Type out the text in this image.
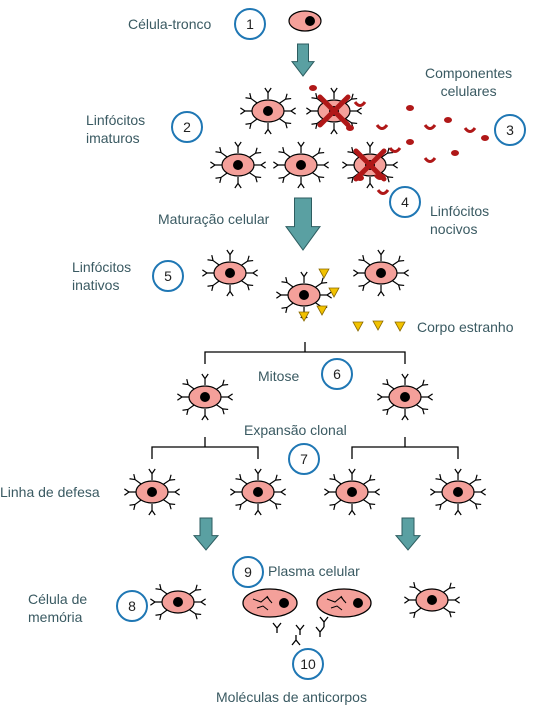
Célula-tronco
Linfócitos
imaturos
Componentes
celulares
Linfócitos
nocivos
Maturação celular
Linfócitos
inativos
Corpo estranho
Mitose
Expansão clonal
Linha de defesa
Plasma celular
Célula de
memória
Moléculas de anticorpos
1
2	3
4
5
6
7
8
9
10
